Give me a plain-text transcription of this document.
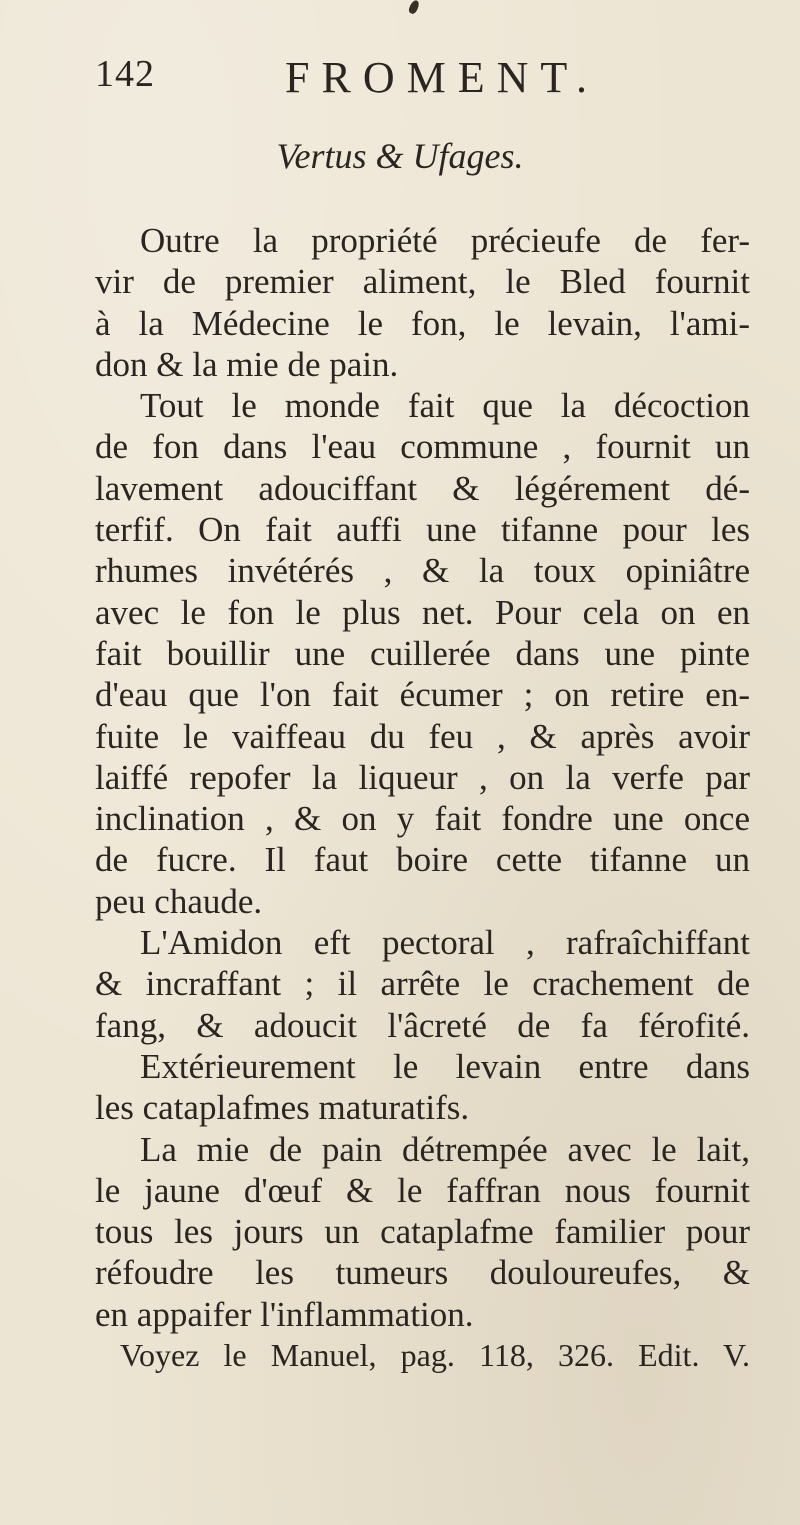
142	FROMENT.
Vertus & Ufages.
Outre la propriété précieufe de fer-
vir de premier aliment, le Bled fournit
à la Médecine le fon, le levain, l'ami-
don & la mie de pain.
Tout le monde fait que la décoction
de fon dans l'eau commune , fournit un
lavement adouciffant & légérement dé-
terfif. On fait auffi une tifanne pour les
rhumes invétérés , & la toux opiniâtre
avec le fon le plus net. Pour cela on en
fait bouillir une cuillerée dans une pinte
d'eau que l'on fait écumer ; on retire en-
fuite le vaiffeau du feu , & après avoir
laiffé repofer la liqueur , on la verfe par
inclination , & on y fait fondre une once
de fucre. Il faut boire cette tifanne un
peu chaude.
L'Amidon eft pectoral , rafraîchiffant
& incraffant ; il arrête le crachement de
fang, & adoucit l'âcreté de fa férofité.
Extérieurement le levain entre dans
les cataplafmes maturatifs.
La mie de pain détrempée avec le lait,
le jaune d'œuf & le faffran nous fournit
tous les jours un cataplafme familier pour
réfoudre les tumeurs douloureufes, &
en appaifer l'inflammation.
Voyez le Manuel, pag. 118, 326. Edit. V.
